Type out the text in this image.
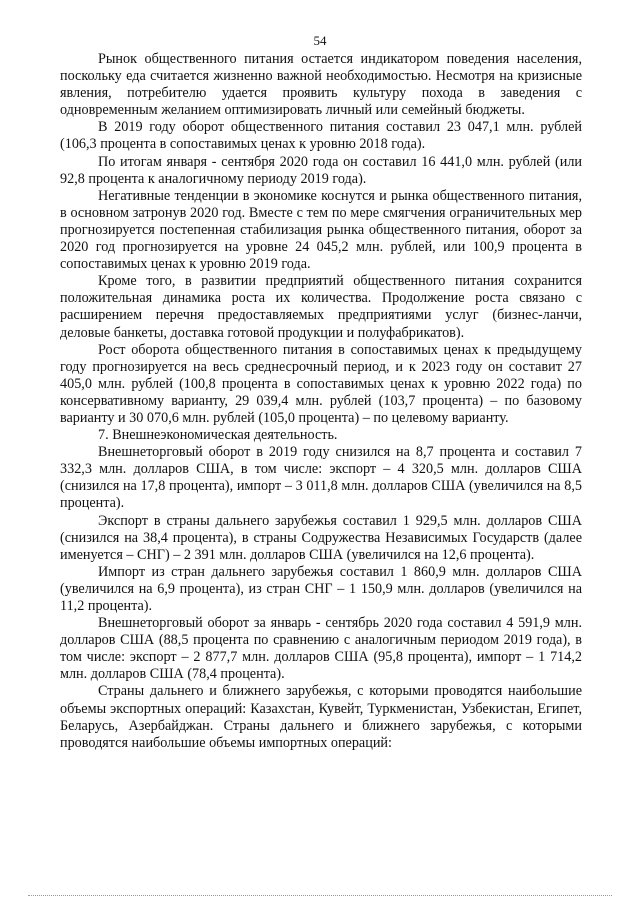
54

Рынок общественного питания остается индикатором поведения населения, поскольку еда считается жизненно важной необходимостью. Несмотря на кризисные явления, потребителю удается проявить культуру похода в заведения с одновременным желанием оптимизировать личный или семейный бюджеты.

В 2019 году оборот общественного питания составил 23 047,1 млн. рублей (106,3 процента в сопоставимых ценах к уровню 2018 года).

По итогам января - сентября 2020 года он составил 16 441,0 млн. рублей (или 92,8 процента к аналогичному периоду 2019 года).

Негативные тенденции в экономике коснутся и рынка общественного питания, в основном затронув 2020 год. Вместе с тем по мере смягчения ограничительных мер прогнозируется постепенная стабилизация рынка общественного питания, оборот за 2020 год прогнозируется на уровне 24 045,2 млн. рублей, или 100,9 процента в сопоставимых ценах к уровню 2019 года.

Кроме того, в развитии предприятий общественного питания сохранится положительная динамика роста их количества. Продолжение роста связано с расширением перечня предоставляемых предприятиями услуг (бизнес-ланчи, деловые банкеты, доставка готовой продукции и полуфабрикатов).

Рост оборота общественного питания в сопоставимых ценах к предыдущему году прогнозируется на весь среднесрочный период, и к 2023 году он составит 27 405,0 млн. рублей (100,8 процента в сопоставимых ценах к уровню 2022 года) по консервативному варианту, 29 039,4 млн. рублей (103,7 процента) – по базовому варианту и 30 070,6 млн. рублей (105,0 процента) – по целевому варианту.

7. Внешнеэкономическая деятельность.

Внешнеторговый оборот в 2019 году снизился на 8,7 процента и составил 7 332,3 млн. долларов США, в том числе: экспорт – 4 320,5 млн. долларов США (снизился на 17,8 процента), импорт – 3 011,8 млн. долларов США (увеличился на 8,5 процента).

Экспорт в страны дальнего зарубежья составил 1 929,5 млн. долларов США (снизился на 38,4 процента), в страны Содружества Независимых Государств (далее именуется – СНГ) – 2 391 млн. долларов США (увеличился на 12,6 процента).

Импорт из стран дальнего зарубежья составил 1 860,9 млн. долларов США (увеличился на 6,9 процента), из стран СНГ – 1 150,9 млн. долларов (увеличился на 11,2 процента).

Внешнеторговый оборот за январь - сентябрь 2020 года составил 4 591,9 млн. долларов США (88,5 процента по сравнению с аналогичным периодом 2019 года), в том числе: экспорт – 2 877,7 млн. долларов США (95,8 процента), импорт – 1 714,2 млн. долларов США (78,4 процента).

Страны дальнего и ближнего зарубежья, с которыми проводятся наибольшие объемы экспортных операций: Казахстан, Кувейт, Туркменистан, Узбекистан, Египет, Беларусь, Азербайджан. Страны дальнего и ближнего зарубежья, с которыми проводятся наибольшие объемы импортных операций:
